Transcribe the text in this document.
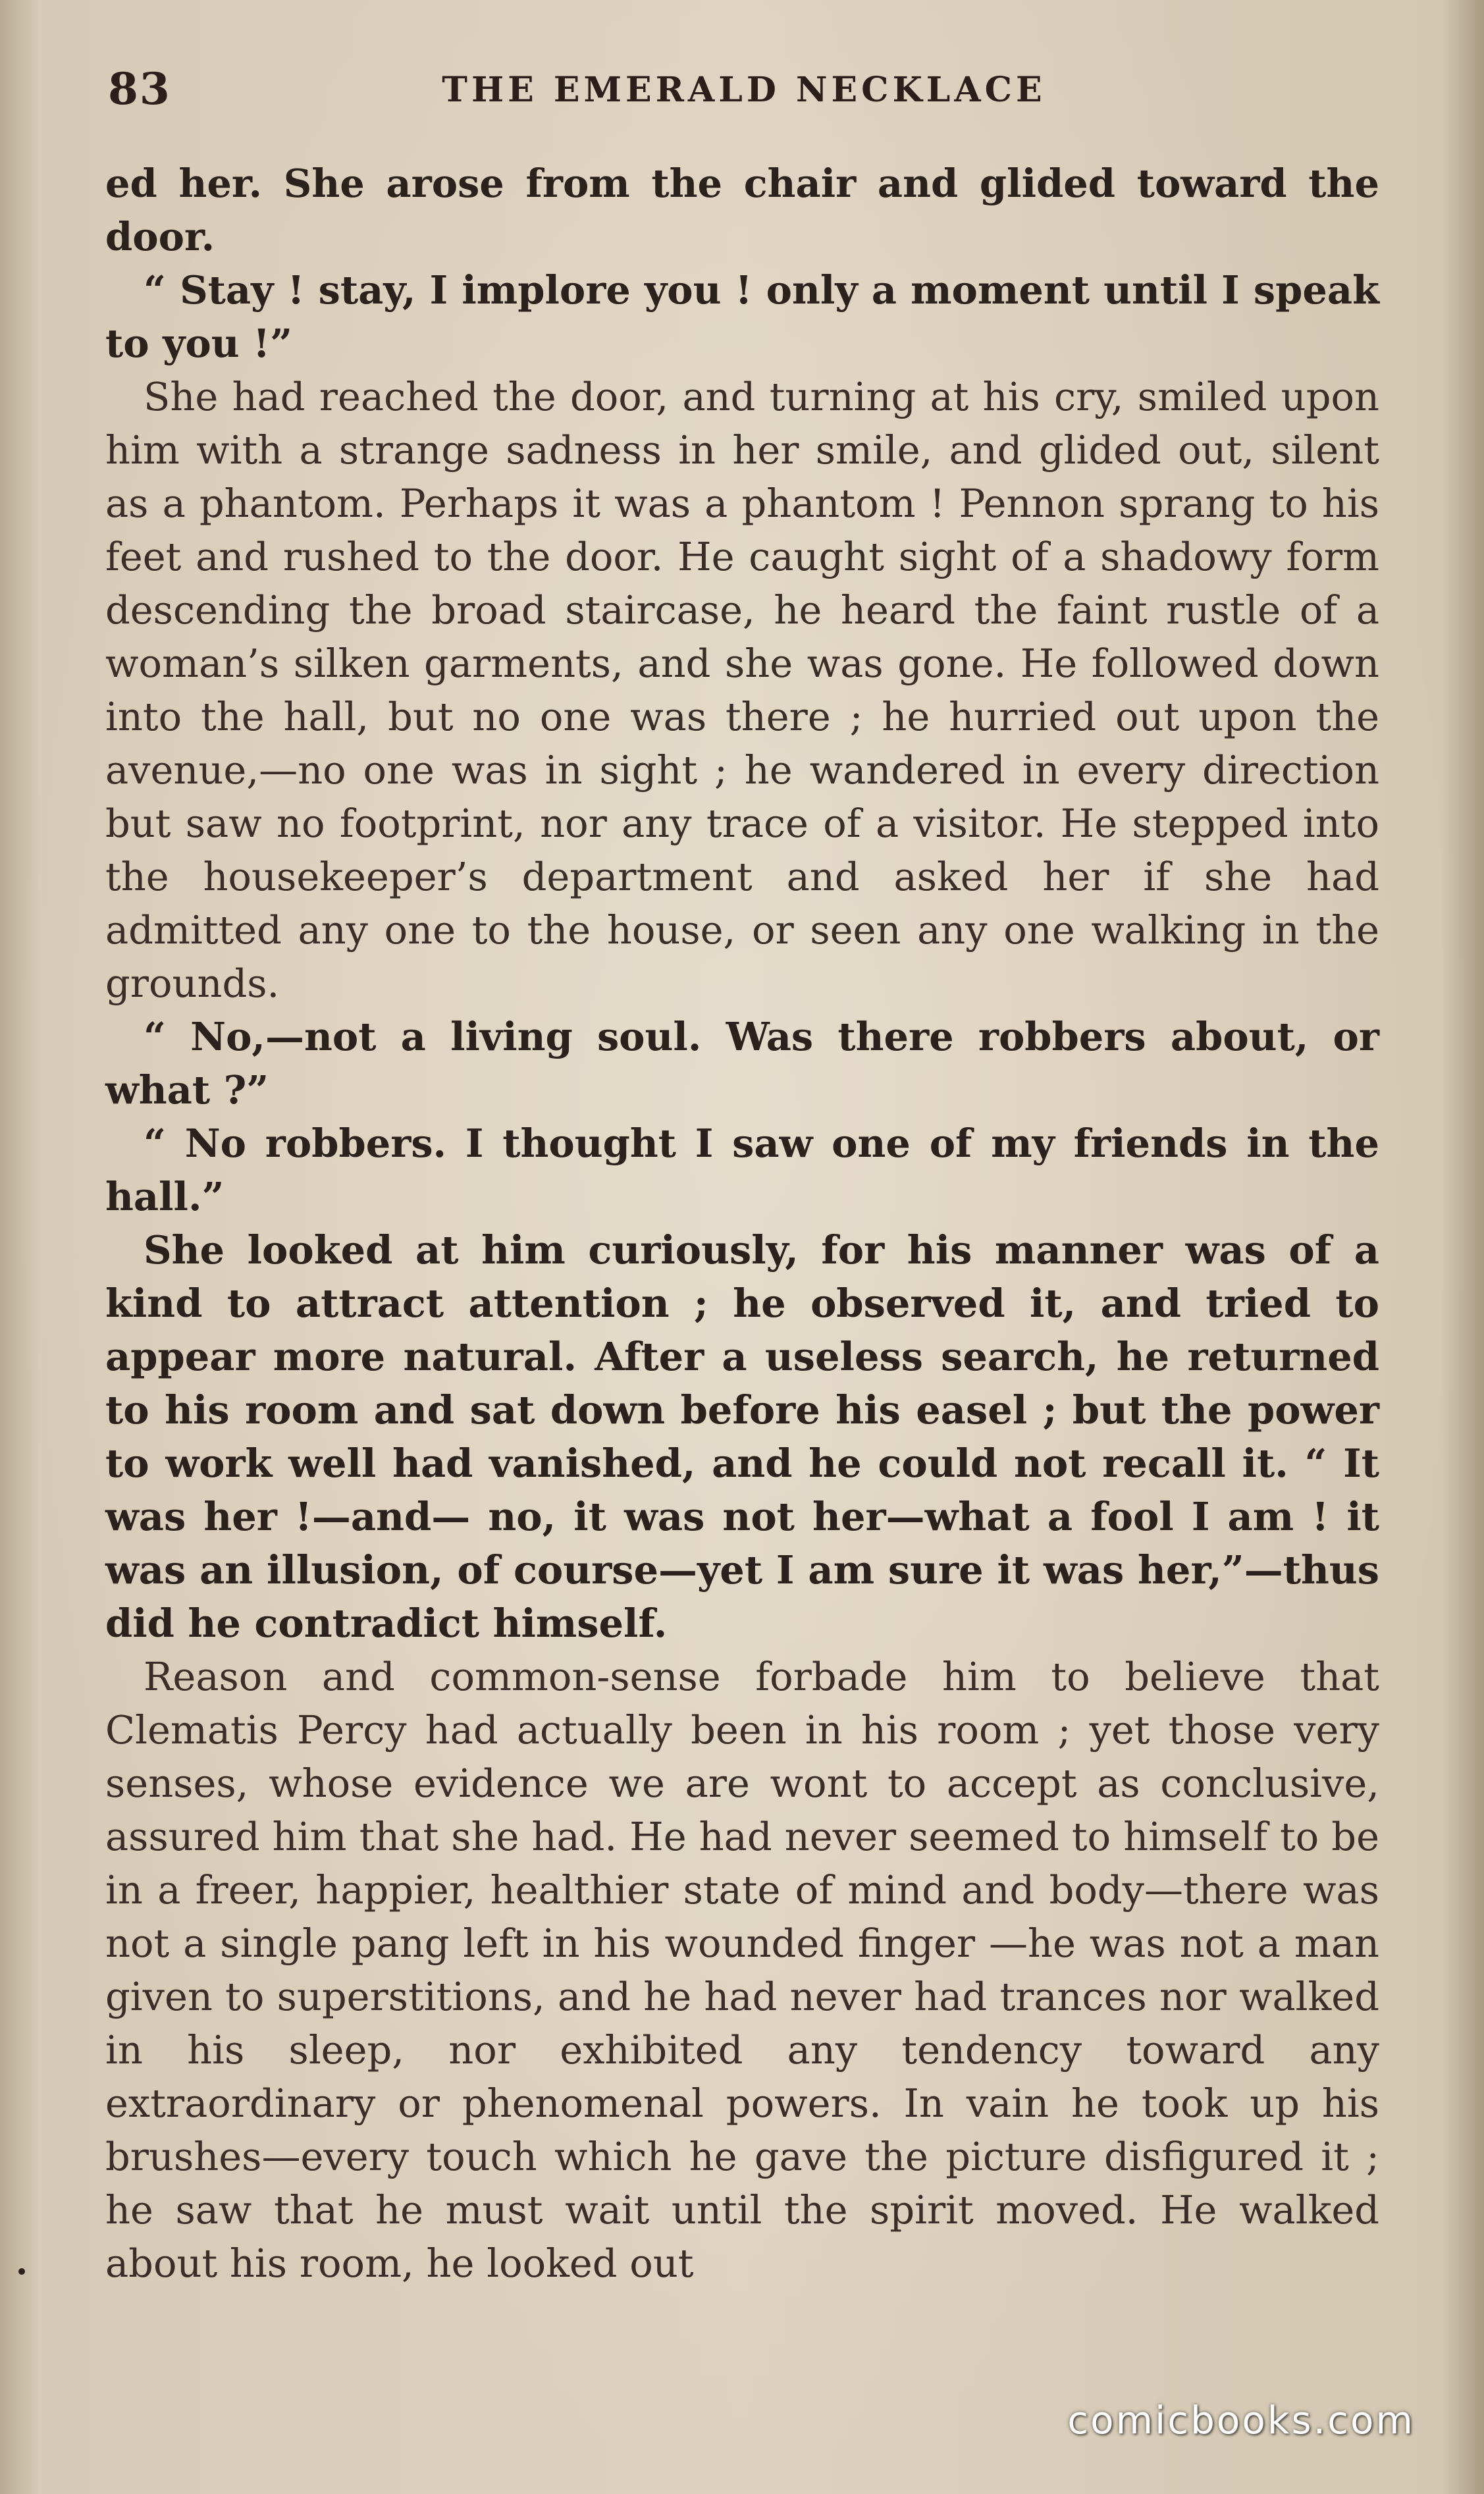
83	THE EMERALD NECKLACE

ed her. She arose from the chair and glided toward the door.

“ Stay ! stay, I implore you ! only a moment until I speak to you !”

She had reached the door, and turning at his cry, smiled upon him with a strange sadness in her smile, and glided out, silent as a phantom. Perhaps it was a phantom ! Pennon sprang to his feet and rushed to the door. He caught sight of a shadowy form descending the broad staircase, he heard the faint rustle of a woman’s silken garments, and she was gone. He followed down into the hall, but no one was there ; he hurried out upon the avenue,—no one was in sight ; he wandered in every direction but saw no footprint, nor any trace of a visitor. He stepped into the housekeeper’s department and asked her if she had admitted any one to the house, or seen any one walking in the grounds.

“ No,—not a living soul. Was there robbers about, or what ?”

“ No robbers. I thought I saw one of my friends in the hall.”

She looked at him curiously, for his manner was of a kind to attract attention ; he observed it, and tried to appear more natural. After a useless search, he returned to his room and sat down before his easel ; but the power to work well had vanished, and he could not recall it. “ It was her !—and— no, it was not her—what a fool I am ! it was an illusion, of course—yet I am sure it was her,”—thus did he contradict himself.

Reason and common-sense forbade him to believe that Clematis Percy had actually been in his room ; yet those very senses, whose evidence we are wont to accept as conclusive, assured him that she had. He had never seemed to himself to be in a freer, happier, healthier state of mind and body—there was not a single pang left in his wounded finger —he was not a man given to superstitions, and he had never had trances nor walked in his sleep, nor exhibited any tendency toward any extraordinary or phenomenal powers. In vain he took up his brushes—every touch which he gave the picture disfigured it ; he saw that he must wait until the spirit moved. He walked about his room, he looked out

comicbooks.com
